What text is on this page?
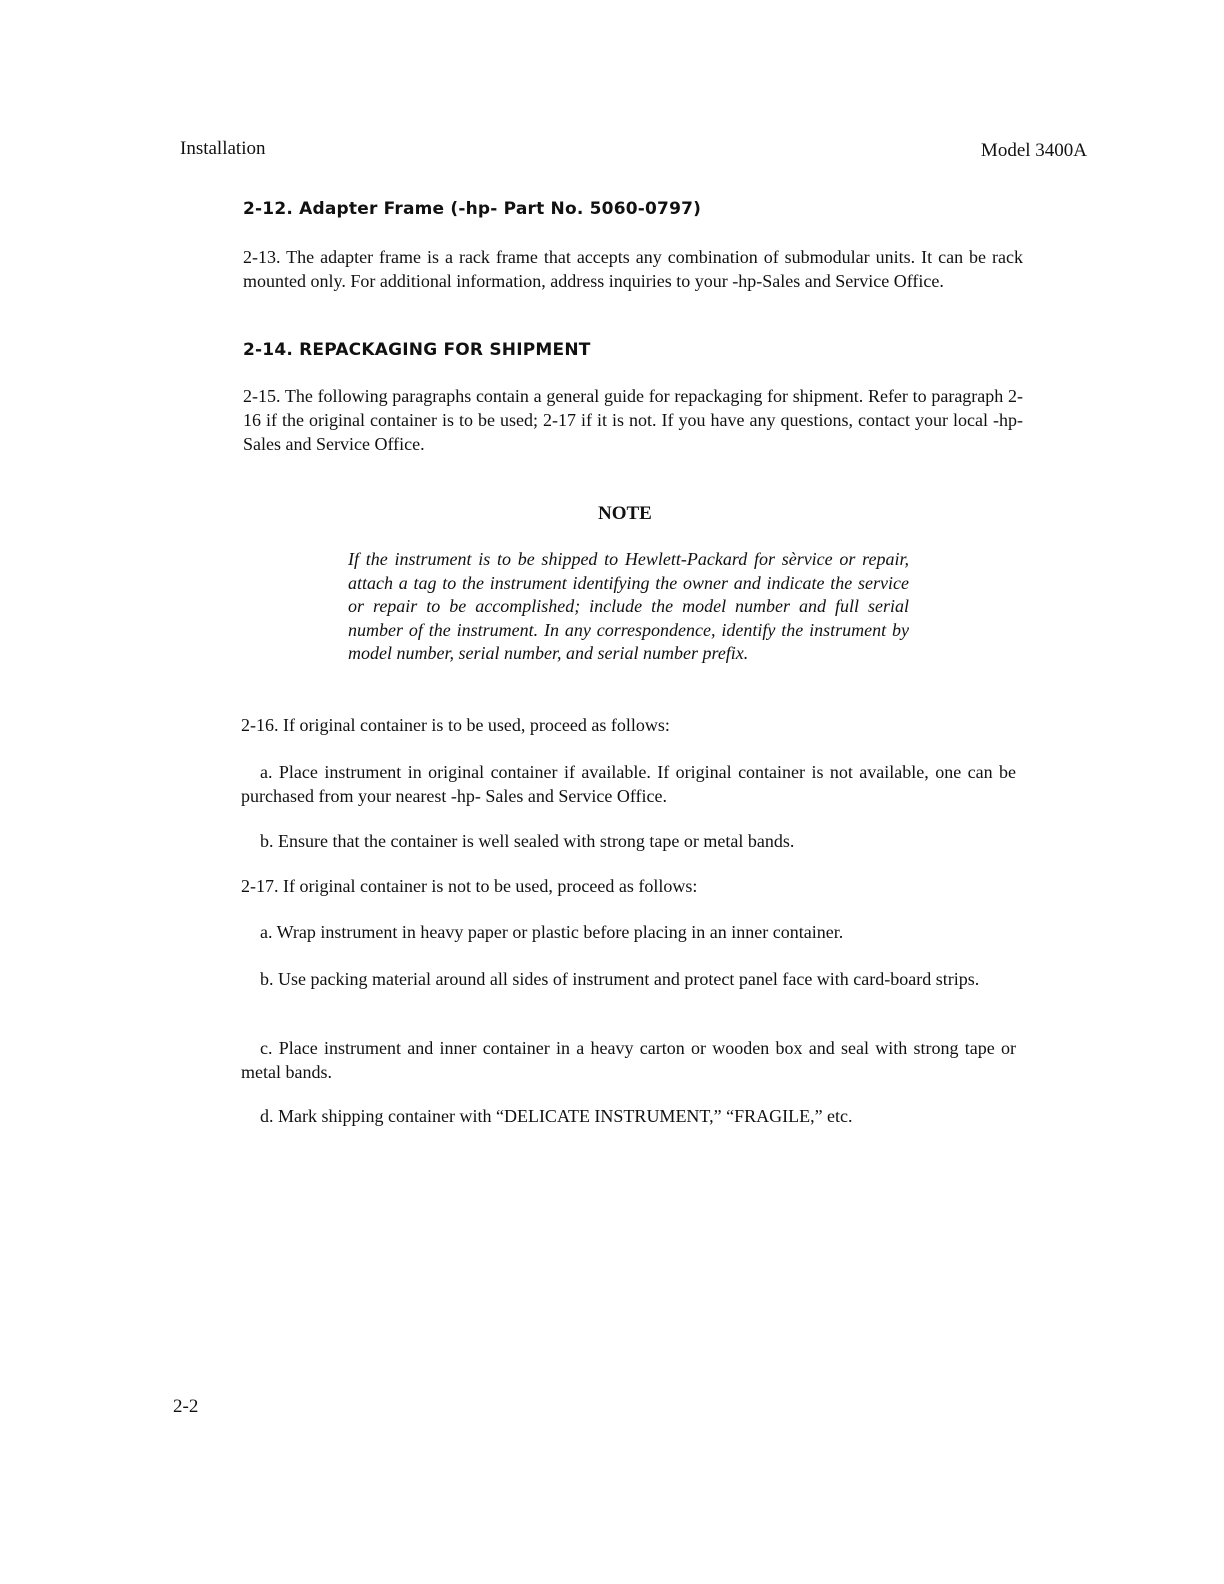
Installation	Model 3400A
2-12. Adapter Frame (-hp- Part No. 5060-0797)
2-13. The adapter frame is a rack frame that accepts any combination of submodular units. It can be rack mounted only. For additional information, address inquiries to your -hp-Sales and Service Office.
2-14. REPACKAGING FOR SHIPMENT
2-15. The following paragraphs contain a general guide for repackaging for shipment. Refer to paragraph 2-16 if the original container is to be used; 2-17 if it is not. If you have any questions, contact your local -hp- Sales and Service Office.
NOTE
If the instrument is to be shipped to Hewlett-Packard for sèrvice or repair, attach a tag to the instrument identifying the owner and indicate the service or repair to be accomplished; include the model number and full serial number of the instrument. In any correspondence, identify the instrument by model number, serial number, and serial number prefix.
2-16. If original container is to be used, proceed as follows:
a. Place instrument in original container if available. If original container is not available, one can be purchased from your nearest -hp- Sales and Service Office.
b. Ensure that the container is well sealed with strong tape or metal bands.
2-17. If original container is not to be used, proceed as follows:
a. Wrap instrument in heavy paper or plastic before placing in an inner container.
b. Use packing material around all sides of instrument and protect panel face with card-board strips.
c. Place instrument and inner container in a heavy carton or wooden box and seal with strong tape or metal bands.
d. Mark shipping container with “DELICATE INSTRUMENT,” “FRAGILE,” etc.
2-2
